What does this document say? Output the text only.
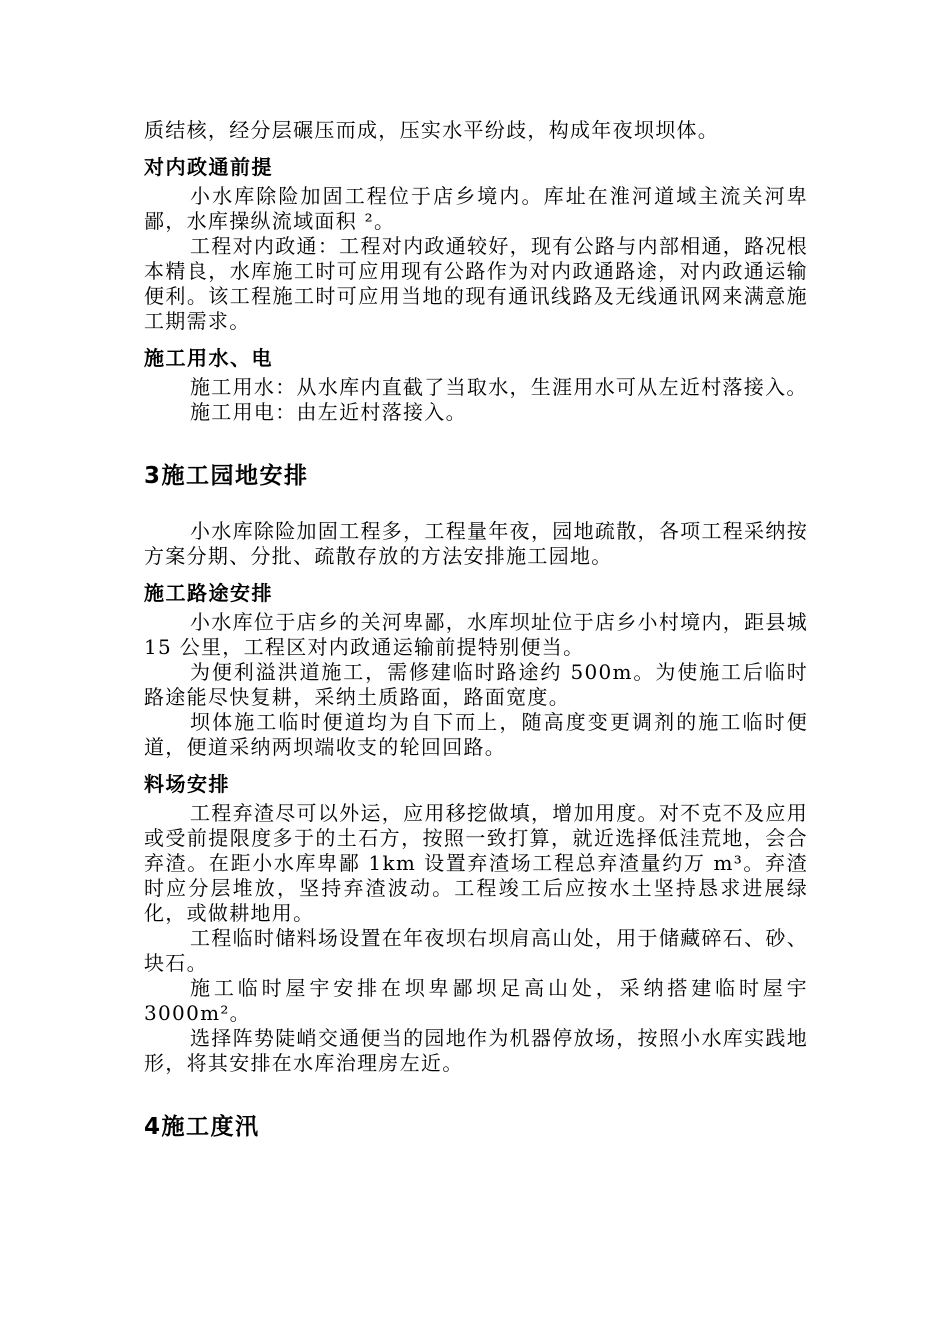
质结核，经分层碾压而成，压实水平纷歧，构成年夜坝坝体。

对内政通前提

小水库除险加固工程位于店乡境内。库址在淮河道域主流关河卑鄙，水库操纵流域面积 ²。

工程对内政通：工程对内政通较好，现有公路与内部相通，路况根本精良，水库施工时可应用现有公路作为对内政通路途，对内政通运输便利。该工程施工时可应用当地的现有通讯线路及无线通讯网来满意施工期需求。

施工用水、电

施工用水：从水库内直截了当取水，生涯用水可从左近村落接入。

施工用电：由左近村落接入。

3施工园地安排

小水库除险加固工程多，工程量年夜，园地疏散，各项工程采纳按方案分期、分批、疏散存放的方法安排施工园地。

施工路途安排

小水库位于店乡的关河卑鄙，水库坝址位于店乡小村境内，距县城 15 公里，工程区对内政通运输前提特别便当。

为便利溢洪道施工，需修建临时路途约 500m。为使施工后临时路途能尽快复耕，采纳土质路面，路面宽度。

坝体施工临时便道均为自下而上，随高度变更调剂的施工临时便道，便道采纳两坝端收支的轮回回路。

料场安排

工程弃渣尽可以外运，应用移挖做填，增加用度。对不克不及应用或受前提限度多于的土石方，按照一致打算，就近选择低洼荒地，会合弃渣。在距小水库卑鄙 1km 设置弃渣场工程总弃渣量约万 m³。弃渣时应分层堆放，坚持弃渣波动。工程竣工后应按水土坚持恳求进展绿化，或做耕地用。

工程临时储料场设置在年夜坝右坝肩高山处，用于储藏碎石、砂、块石。

施工临时屋宇安排在坝卑鄙坝足高山处，采纳搭建临时屋宇 3000m²。

选择阵势陡峭交通便当的园地作为机器停放场，按照小水库实践地形，将其安排在水库治理房左近。

4施工度汛
